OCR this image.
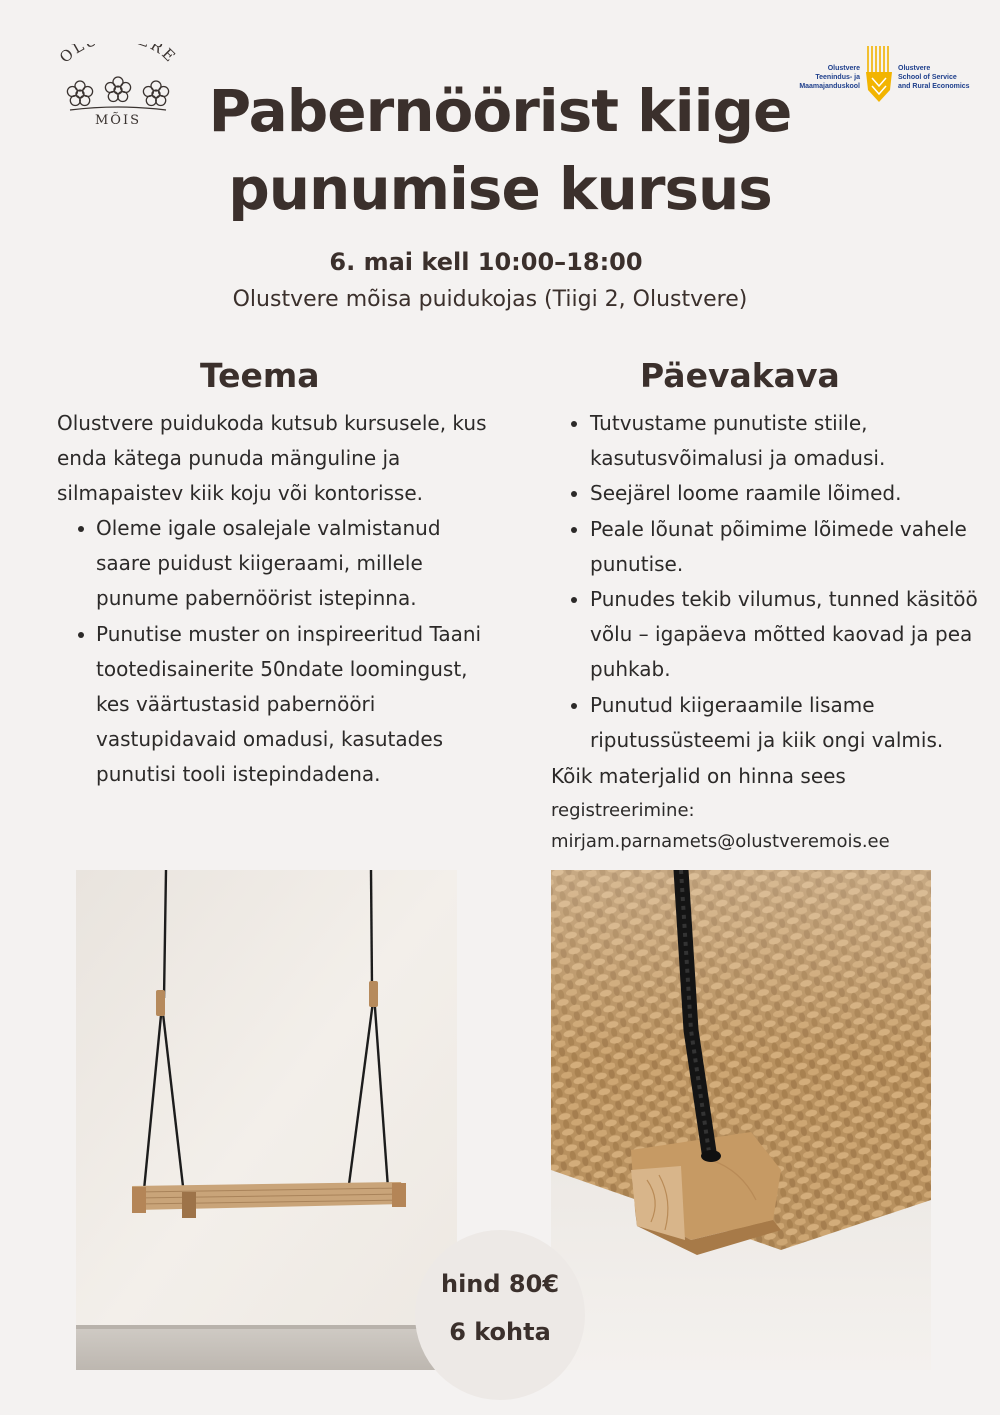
OL RE
MÕIS
Olustvere
Teenindus- ja
Maamajanduskool
Olustvere
School of Service
and Rural Economics
Pabernöörist kiige
punumise kursus
6. mai kell 10:00–18:00
Olustvere mõisa puidukojas (Tiigi 2, Olustvere)
Teema	Päevakava
Olustvere puidukoda kutsub kursusele, kus enda kätega punuda mänguline ja silmapaistev kiik koju või kontorisse.
Oleme igale osalejale valmistanud saare puidust kiigeraami, millele punume pabernöörist istepinna.
Punutise muster on inspireeritud Taani tootedisainerite 50ndate loomingust, kes väärtustasid pabernööri vastupidavaid omadusi, kasutades punutisi tooli istepindadena.
Tutvustame punutiste stiile, kasutusvõimalusi ja omadusi.
Seejärel loome raamile lõimed.
Peale lõunat põimime lõimede vahele punutise.
Punudes tekib vilumus, tunned käsitöö võlu – igapäeva mõtted kaovad ja pea puhkab.
Punutud kiigeraamile lisame riputussüsteemi ja kiik ongi valmis.
Kõik materjalid on hinna sees
registreerimine:
mirjam.parnamets@olustveremois.ee
hind 80€
6 kohta
